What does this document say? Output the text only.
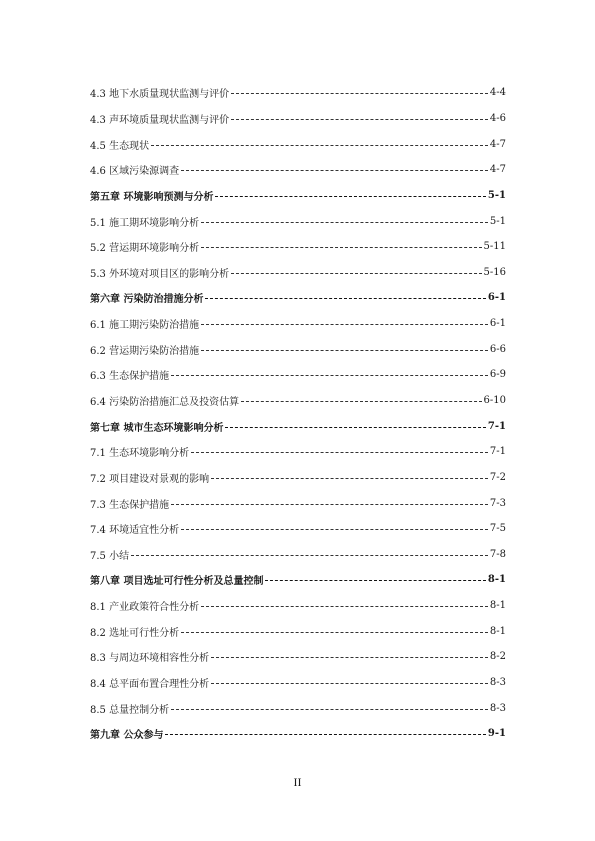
4.3 地下水质量现状监测与评价	4-4
4.3 声环境质量现状监测与评价	4-6
4.5 生态现状	4-7
4.6 区域污染源调查	4-7
第五章 环境影响预测与分析	5-1
5.1 施工期环境影响分析	5-1
5.2 营运期环境影响分析	5-11
5.3 外环境对项目区的影响分析	5-16
第六章 污染防治措施分析	6-1
6.1 施工期污染防治措施	6-1
6.2 营运期污染防治措施	6-6
6.3 生态保护措施	6-9
6.4 污染防治措施汇总及投资估算	6-10
第七章 城市生态环境影响分析	7-1
7.1 生态环境影响分析	7-1
7.2 项目建设对景观的影响	7-2
7.3 生态保护措施	7-3
7.4 环境适宜性分析	7-5
7.5 小结	7-8
第八章 项目选址可行性分析及总量控制	8-1
8.1 产业政策符合性分析	8-1
8.2 选址可行性分析	8-1
8.3 与周边环境相容性分析	8-2
8.4 总平面布置合理性分析	8-3
8.5 总量控制分析	8-3
第九章 公众参与	9-1
II
